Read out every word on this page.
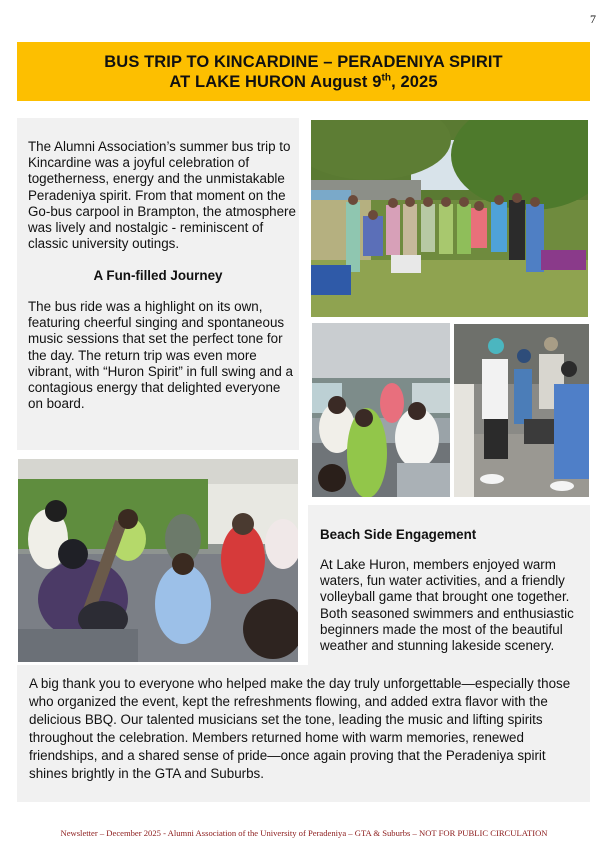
7
BUS TRIP TO KINCARDINE – PERADENIYA SPIRIT
AT LAKE HURON August 9th, 2025

The Alumni Association’s summer bus trip to Kincardine was a joyful celebration of togetherness, energy and the unmistakable Peradeniya spirit. From that moment on the Go-bus carpool in Brampton, the atmosphere was lively and nostalgic - reminiscent of classic university outings.

A Fun-filled Journey

The bus ride was a highlight on its own, featuring cheerful singing and spontaneous music sessions that set the perfect tone for the day. The return trip was even more vibrant, with “Huron Spirit” in full swing and a contagious energy that delighted everyone on board.

Beach Side Engagement

At Lake Huron, members enjoyed warm waters, fun water activities, and a friendly volleyball game that brought one together. Both seasoned swimmers and enthusiastic beginners made the most of the beautiful weather and stunning lakeside scenery.

A big thank you to everyone who helped make the day truly unforgettable—especially those who organized the event, kept the refreshments flowing, and added extra flavor with the delicious BBQ. Our talented musicians set the tone, leading the music and lifting spirits throughout the celebration. Members returned home with warm memories, renewed friendships, and a shared sense of pride—once again proving that the Peradeniya spirit shines brightly in the GTA and Suburbs.

Newsletter – December 2025 - Alumni Association of the University of Peradeniya – GTA & Suburbs – NOT FOR PUBLIC CIRCULATION
